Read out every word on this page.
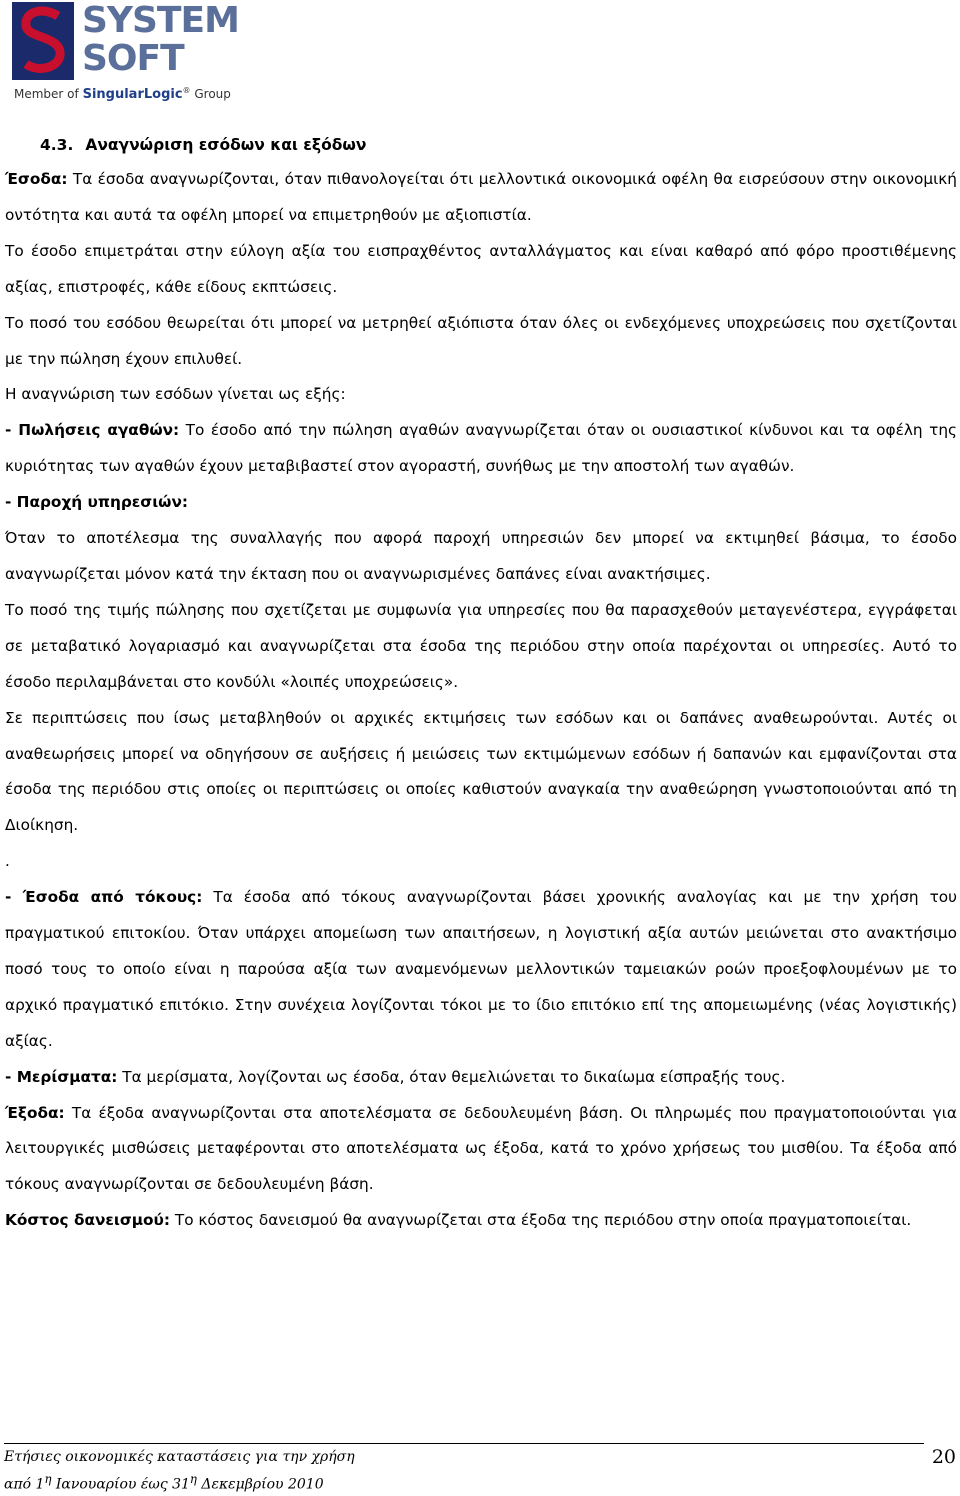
SYSTEM
SOFT
Member of SingularLogic® Group
4.3. Αναγνώριση εσόδων και εξόδων

Έσοδα: Τα έσοδα αναγνωρίζονται, όταν πιθανολογείται ότι μελλοντικά οικονομικά οφέλη θα εισρεύσουν στην οικονομική οντότητα και αυτά τα οφέλη μπορεί να επιμετρηθούν με αξιοπιστία.

Το έσοδο επιμετράται στην εύλογη αξία του εισπραχθέντος ανταλλάγματος και είναι καθαρό από φόρο προστιθέμενης αξίας, επιστροφές, κάθε είδους εκπτώσεις.

Το ποσό του εσόδου θεωρείται ότι μπορεί να μετρηθεί αξιόπιστα όταν όλες οι ενδεχόμενες υποχρεώσεις που σχετίζονται με την πώληση έχουν επιλυθεί.

Η αναγνώριση των εσόδων γίνεται ως εξής:

- Πωλήσεις αγαθών: Το έσοδο από την πώληση αγαθών αναγνωρίζεται όταν οι ουσιαστικοί κίνδυνοι και τα οφέλη της κυριότητας των αγαθών έχουν μεταβιβαστεί στον αγοραστή, συνήθως με την αποστολή των αγαθών.

- Παροχή υπηρεσιών:

Όταν το αποτέλεσμα της συναλλαγής που αφορά παροχή υπηρεσιών δεν μπορεί να εκτιμηθεί βάσιμα, το έσοδο αναγνωρίζεται μόνον κατά την έκταση που οι αναγνωρισμένες δαπάνες είναι ανακτήσιμες.

Το ποσό της τιμής πώλησης που σχετίζεται με συμφωνία για υπηρεσίες που θα παρασχεθούν μεταγενέστερα, εγγράφεται σε μεταβατικό λογαριασμό και αναγνωρίζεται στα έσοδα της περιόδου στην οποία παρέχονται οι υπηρεσίες. Αυτό το έσοδο περιλαμβάνεται στο κονδύλι «λοιπές υποχρεώσεις».

Σε περιπτώσεις που ίσως μεταβληθούν οι αρχικές εκτιμήσεις των εσόδων και οι δαπάνες αναθεωρούνται. Αυτές οι αναθεωρήσεις μπορεί να οδηγήσουν σε αυξήσεις ή μειώσεις των εκτιμώμενων εσόδων ή δαπανών και εμφανίζονται στα έσοδα της περιόδου στις οποίες οι περιπτώσεις οι οποίες καθιστούν αναγκαία την αναθεώρηση γνωστοποιούνται από τη Διοίκηση.

.

- Έσοδα από τόκους: Τα έσοδα από τόκους αναγνωρίζονται βάσει χρονικής αναλογίας και με την χρήση του πραγματικού επιτοκίου. Όταν υπάρχει απομείωση των απαιτήσεων, η λογιστική αξία αυτών μειώνεται στο ανακτήσιμο ποσό τους το οποίο είναι η παρούσα αξία των αναμενόμενων μελλοντικών ταμειακών ροών προεξοφλουμένων με το αρχικό πραγματικό επιτόκιο. Στην συνέχεια λογίζονται τόκοι με το ίδιο επιτόκιο επί της απομειωμένης (νέας λογιστικής) αξίας.

- Μερίσματα: Τα μερίσματα, λογίζονται ως έσοδα, όταν θεμελιώνεται το δικαίωμα είσπραξής τους.

Έξοδα: Τα έξοδα αναγνωρίζονται στα αποτελέσματα σε δεδουλευμένη βάση. Οι πληρωμές που πραγματοποιούνται για λειτουργικές μισθώσεις μεταφέρονται στο αποτελέσματα ως έξοδα, κατά το χρόνο χρήσεως του μισθίου. Τα έξοδα από τόκους αναγνωρίζονται σε δεδουλευμένη βάση.

Κόστος δανεισμού: Το κόστος δανεισμού θα αναγνωρίζεται στα έξοδα της περιόδου στην οποία πραγματοποιείται.

Ετήσιες οικονομικές καταστάσεις για την χρήση
από $1^\eta$ Ιανουαρίου έως $31^\eta$ Δεκεμβρίου 2010
20
